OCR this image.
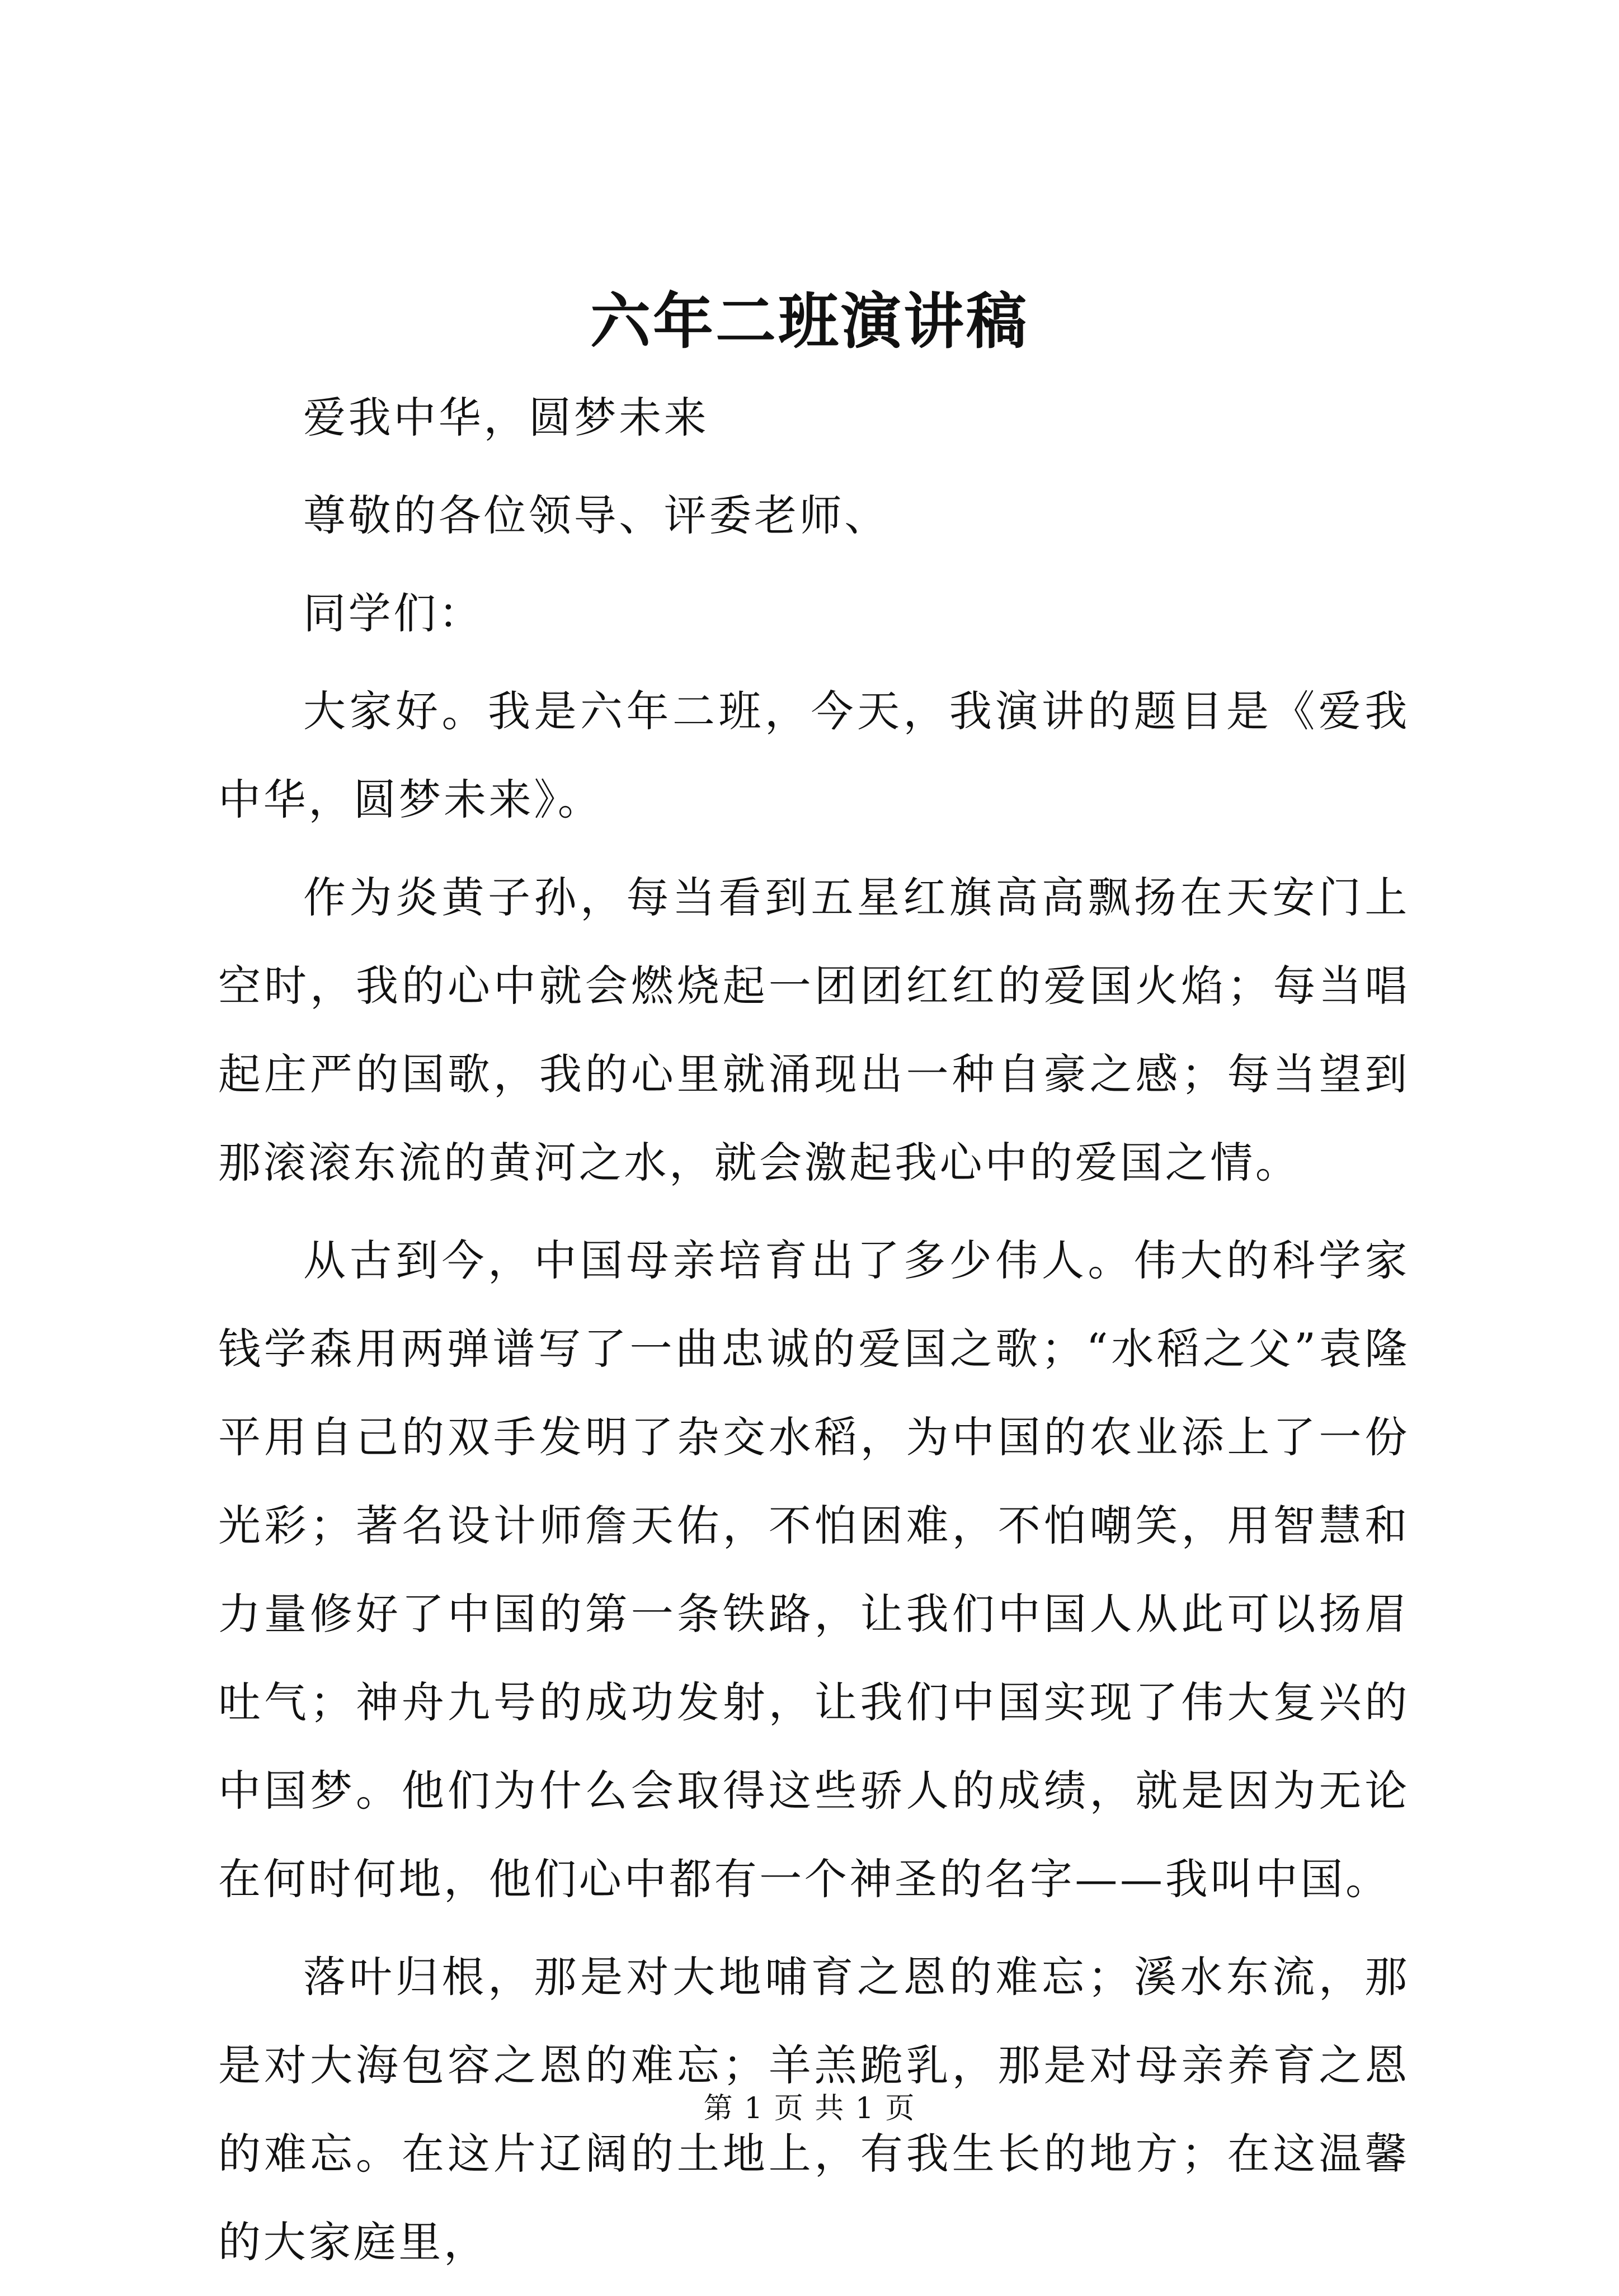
六年二班演讲稿

爱我中华，圆梦未来

尊敬的各位领导、评委老师、

同学们：

大家好。我是六年二班，今天，我演讲的题目是《爱我中华，圆梦未来》。

作为炎黄子孙，每当看到五星红旗高高飘扬在天安门上空时，我的心中就会燃烧起一团团红红的爱国火焰；每当唱起庄严的国歌，我的心里就涌现出一种自豪之感；每当望到那滚滚东流的黄河之水，就会激起我心中的爱国之情。

从古到今，中国母亲培育出了多少伟人。伟大的科学家钱学森用两弹谱写了一曲忠诚的爱国之歌；“水稻之父”袁隆平用自己的双手发明了杂交水稻，为中国的农业添上了一份光彩；著名设计师詹天佑，不怕困难，不怕嘲笑，用智慧和力量修好了中国的第一条铁路，让我们中国人从此可以扬眉吐气；神舟九号的成功发射，让我们中国实现了伟大复兴的中国梦。他们为什么会取得这些骄人的成绩，就是因为无论在何时何地，他们心中都有一个神圣的名字——我叫中国。

落叶归根，那是对大地哺育之恩的难忘；溪水东流，那是对大海包容之恩的难忘；羊羔跪乳，那是对母亲养育之恩的难忘。在这片辽阔的土地上，有我生长的地方；在这温馨的大家庭里，

第 1 页 共 1 页
